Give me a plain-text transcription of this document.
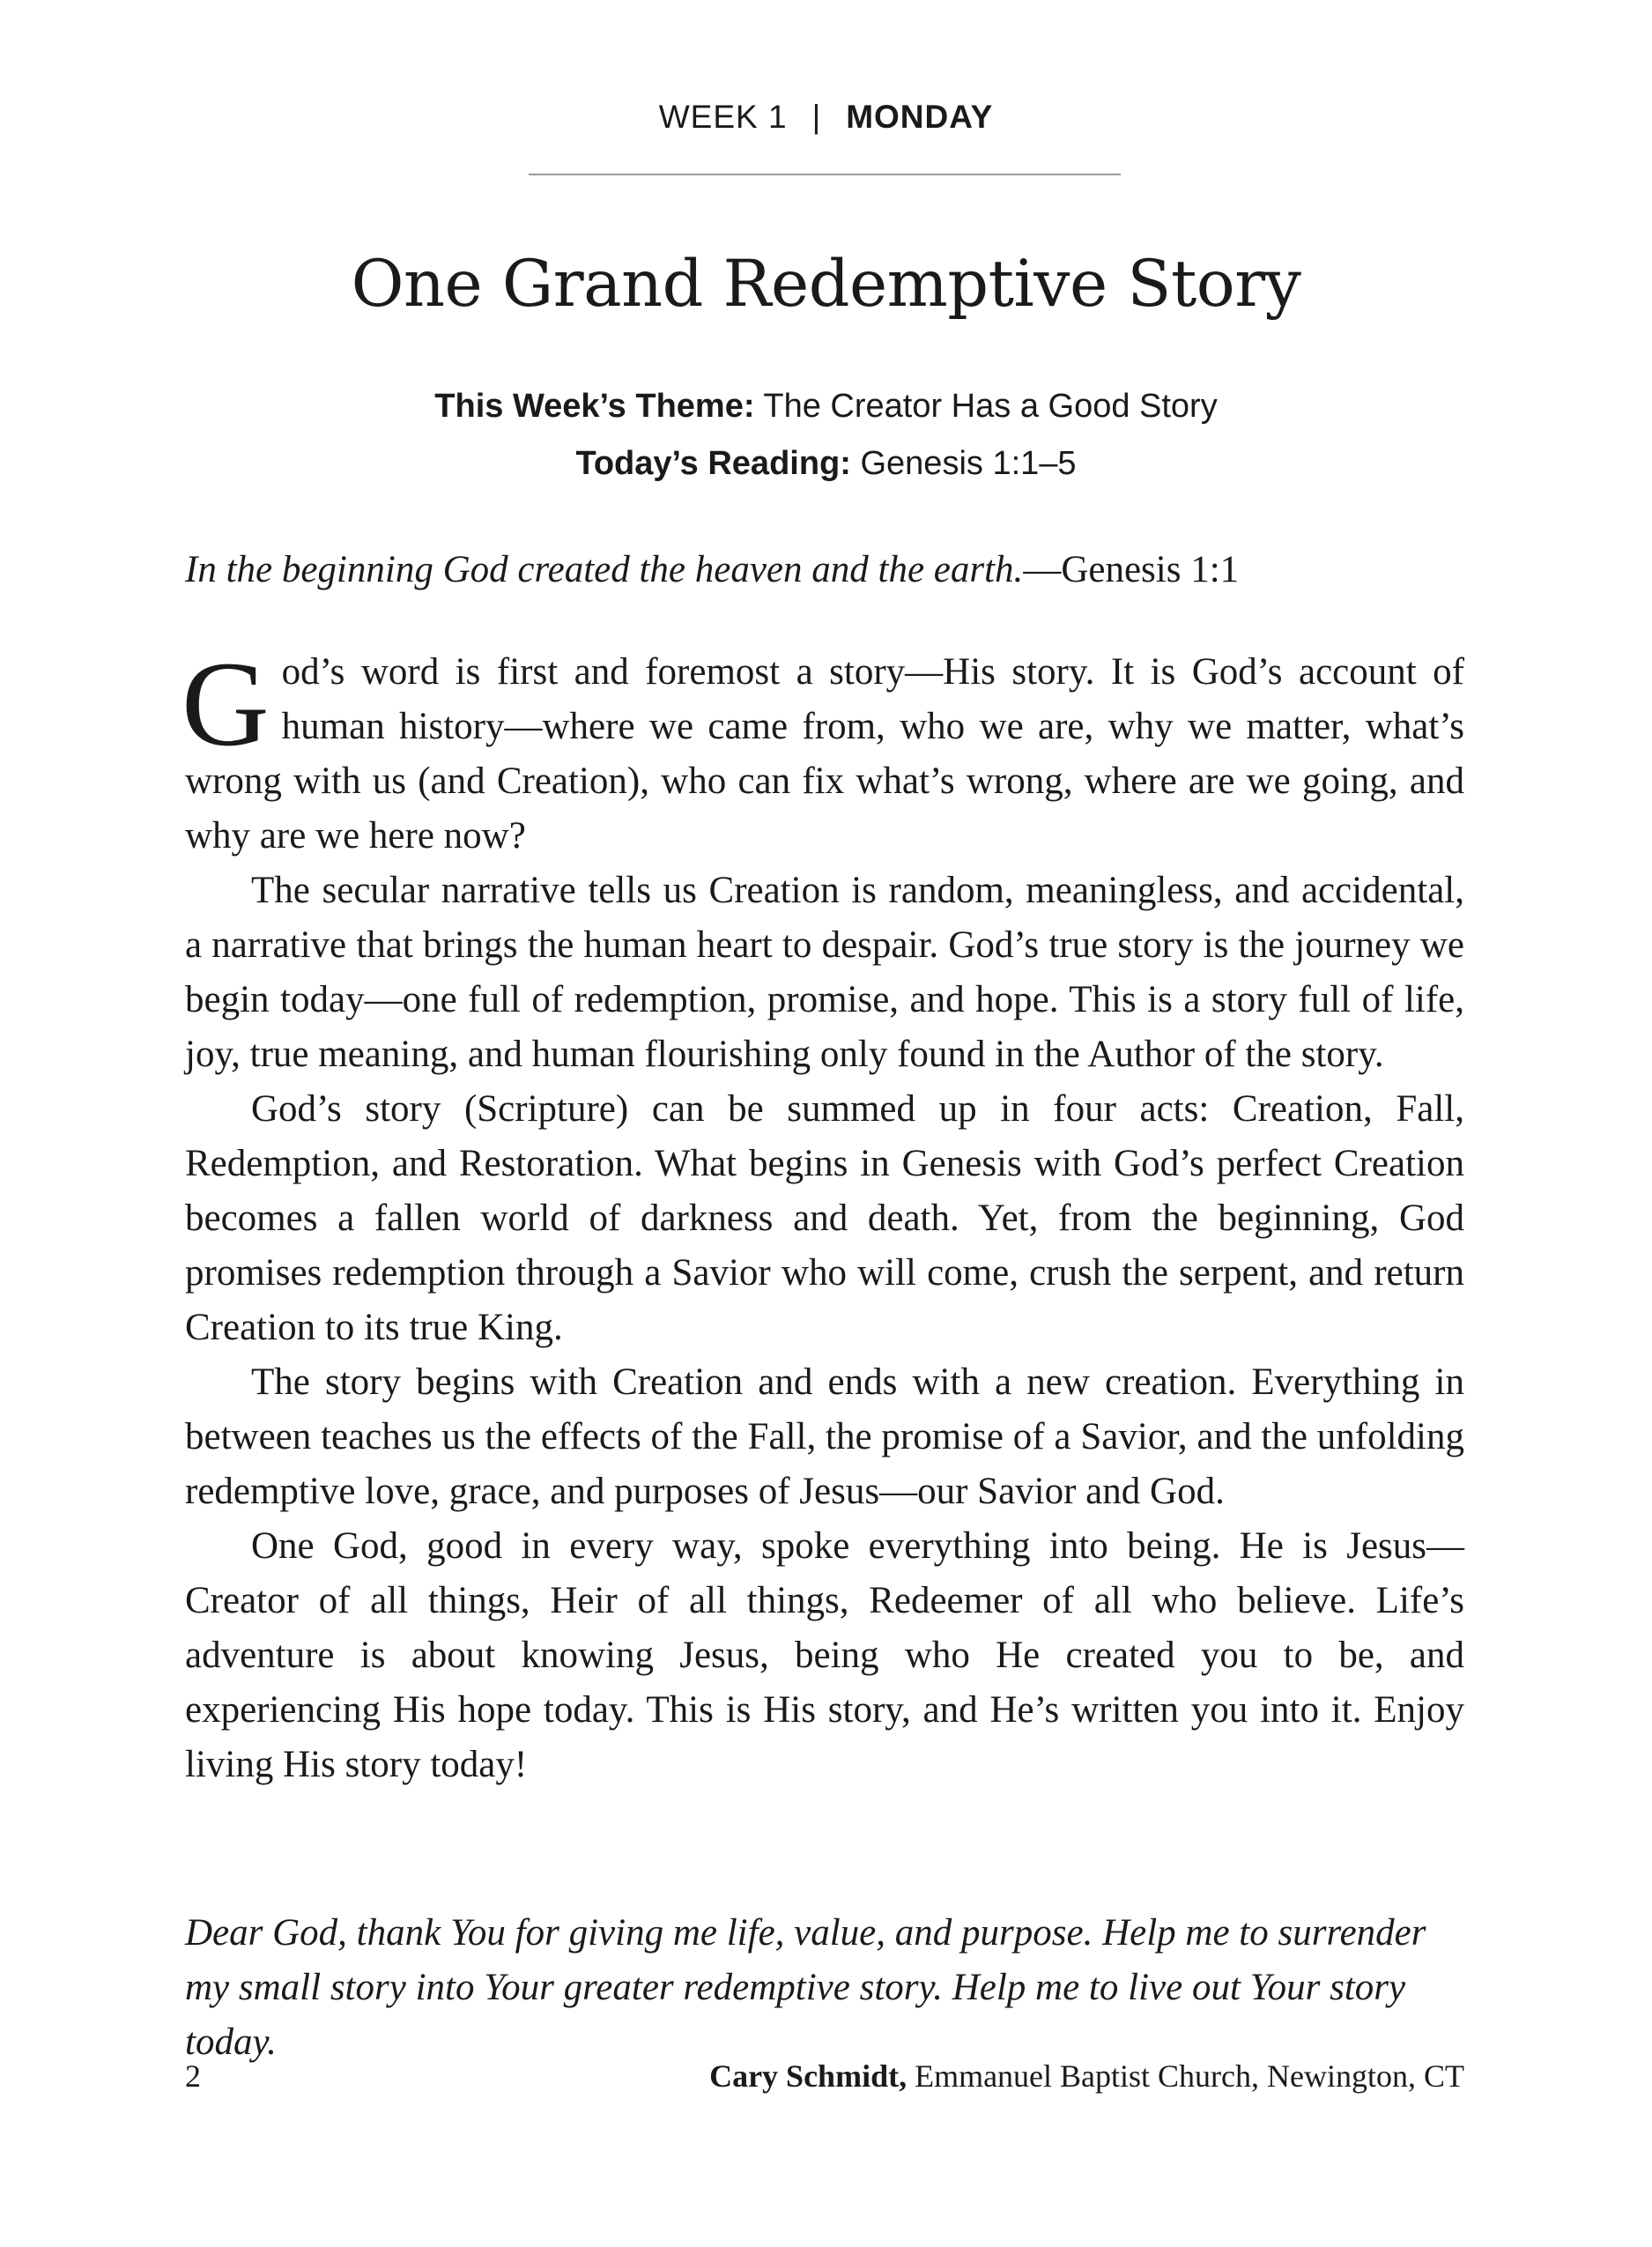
WEEK 1 | MONDAY
One Grand Redemptive Story
This Week’s Theme: The Creator Has a Good Story
Today’s Reading: Genesis 1:1–5
In the beginning God created the heaven and the earth.—Genesis 1:1

God’s word is first and foremost a story—His story. It is God’s account of human history—where we came from, who we are, why we matter, what’s wrong with us (and Creation), who can fix what’s wrong, where are we going, and why are we here now?

The secular narrative tells us Creation is random, meaningless, and accidental, a narrative that brings the human heart to despair. God’s true story is the journey we begin today—one full of redemption, promise, and hope. This is a story full of life, joy, true meaning, and human flourishing only found in the Author of the story.

God’s story (Scripture) can be summed up in four acts: Creation, Fall, Redemption, and Restoration. What begins in Genesis with God’s perfect Creation becomes a fallen world of darkness and death. Yet, from the beginning, God promises redemption through a Savior who will come, crush the serpent, and return Creation to its true King.

The story begins with Creation and ends with a new creation. Everything in between teaches us the effects of the Fall, the promise of a Savior, and the unfolding redemptive love, grace, and purposes of Jesus—our Savior and God.

One God, good in every way, spoke everything into being. He is Jesus—Creator of all things, Heir of all things, Redeemer of all who believe. Life’s adventure is about knowing Jesus, being who He created you to be, and experiencing His hope today. This is His story, and He’s written you into it. Enjoy living His story today!

Dear God, thank You for giving me life, value, and purpose. Help me to surrender my small story into Your greater redemptive story. Help me to live out Your story today.
2	Cary Schmidt, Emmanuel Baptist Church, Newington, CT
